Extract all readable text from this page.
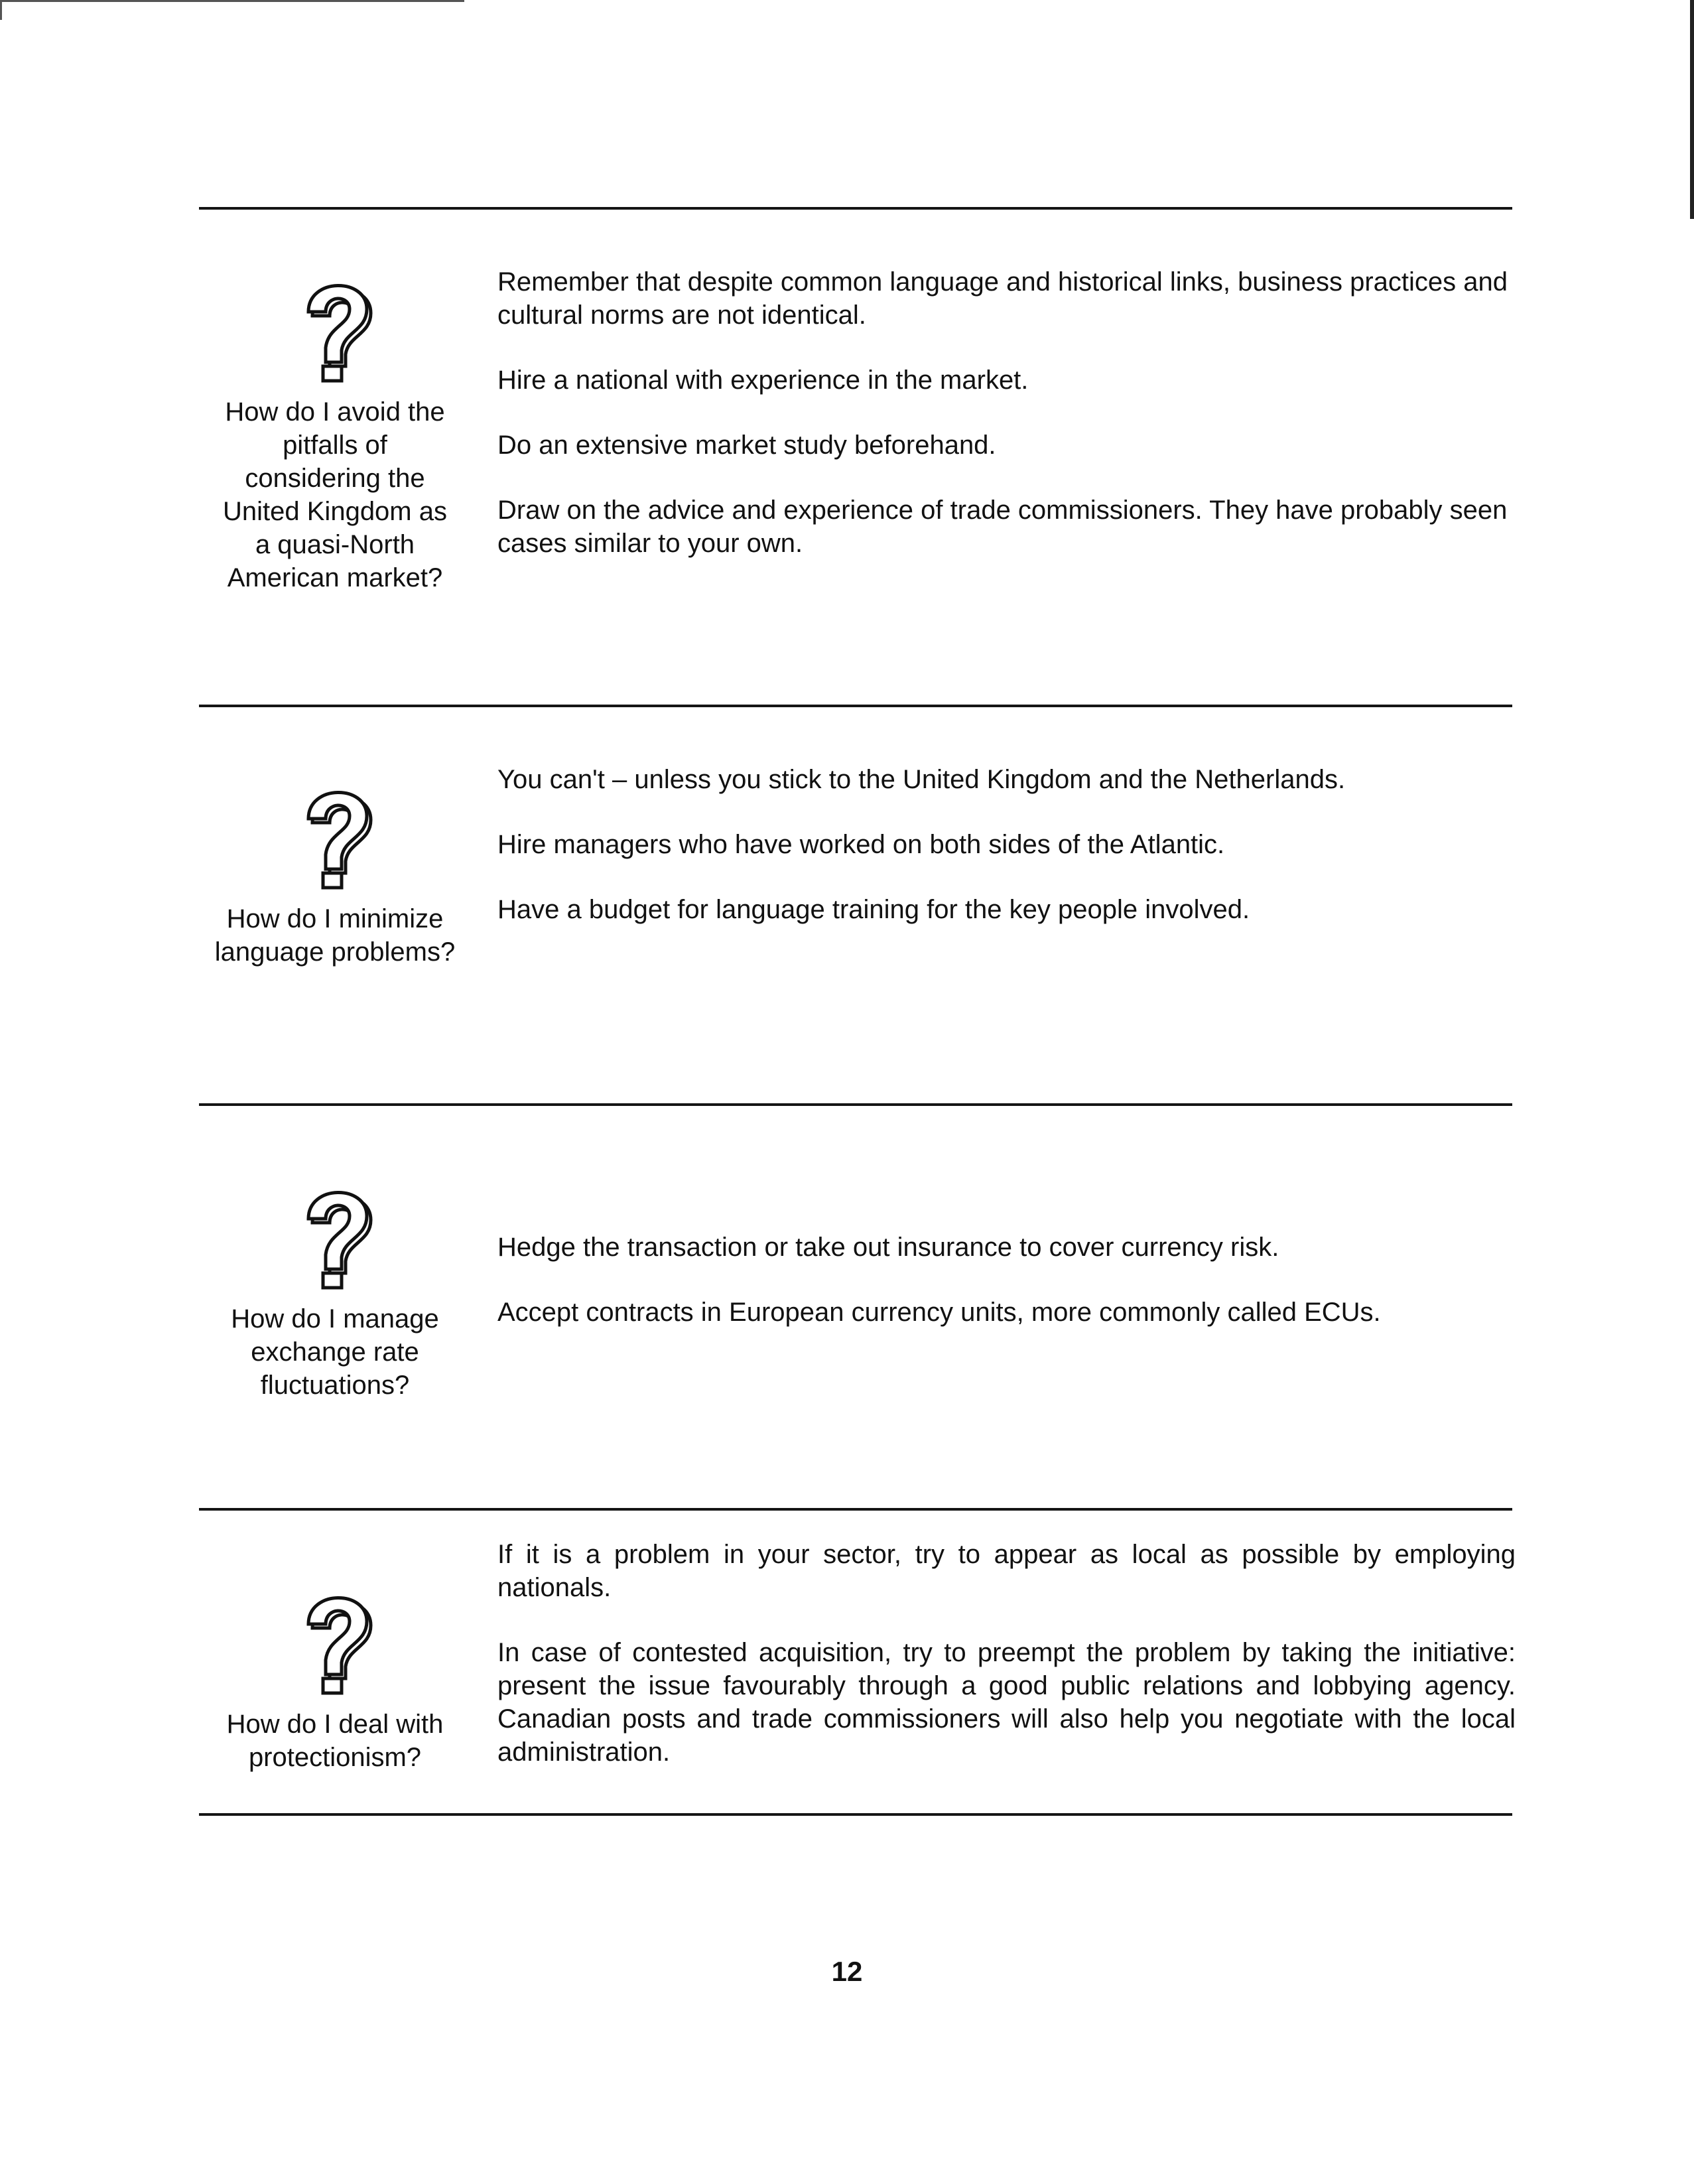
How do I avoid the
pitfalls of
considering the
United Kingdom as
a quasi-North
American market?

Remember that despite common language and historical links, business practices and cultural norms are not identical.

Hire a national with experience in the market.

Do an extensive market study beforehand.

Draw on the advice and experience of trade commissioners. They have probably seen cases similar to your own.

How do I minimize
language problems?

You can't – unless you stick to the United Kingdom and the Netherlands.

Hire managers who have worked on both sides of the Atlantic.

Have a budget for language training for the key people involved.

How do I manage
exchange rate
fluctuations?

Hedge the transaction or take out insurance to cover currency risk.

Accept contracts in European currency units, more commonly called ECUs.

How do I deal with
protectionism?

If it is a problem in your sector, try to appear as local as possible by employing nationals.

In case of contested acquisition, try to preempt the problem by taking the initiative: present the issue favourably through a good public relations and lobbying agency. Canadian posts and trade commissioners will also help you negotiate with the local administration.

12
